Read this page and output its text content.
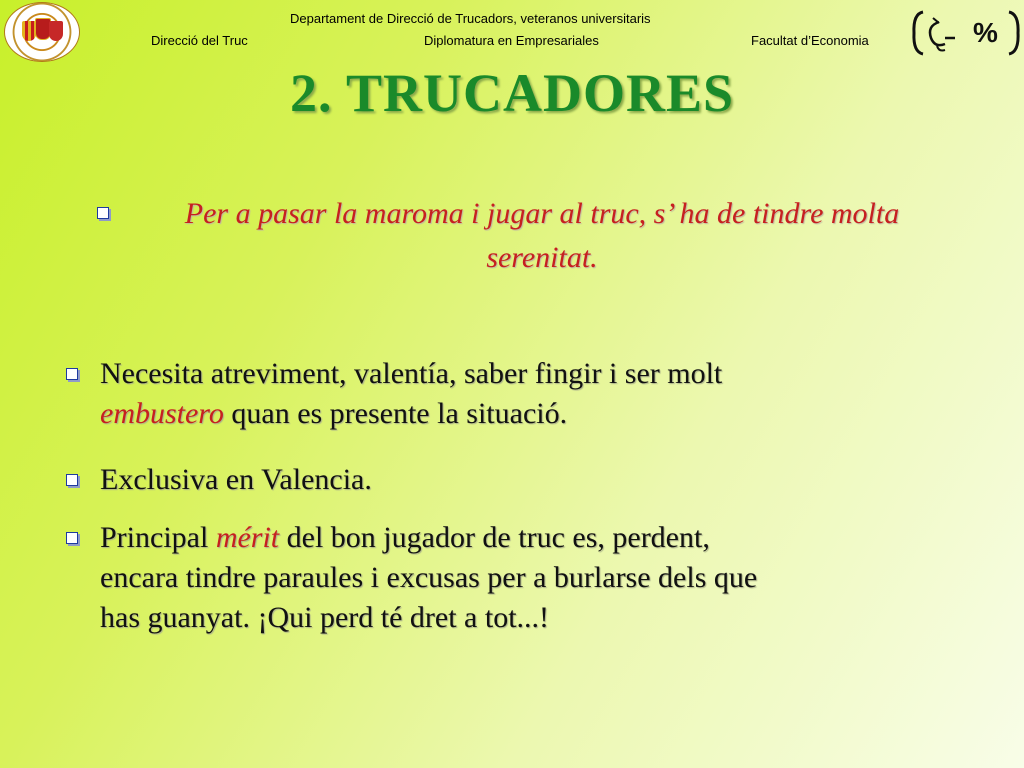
Departament de Direcció de Trucadors, veteranos universitaris
Direcció del Truc	Diplomatura en Empresariales	Facultat d’Economia	%
2. TRUCADORES
Per a pasar la maroma i jugar al truc, s’ ha de tindre molta
serenitat.
Necesita atreviment, valentía, saber fingir i ser molt
embustero quan es presente la situació.
Exclusiva en Valencia.
Principal mérit del bon jugador de truc es, perdent,
encara tindre paraules i excusas per a burlarse dels que
has guanyat. ¡Qui perd té dret a tot...!
